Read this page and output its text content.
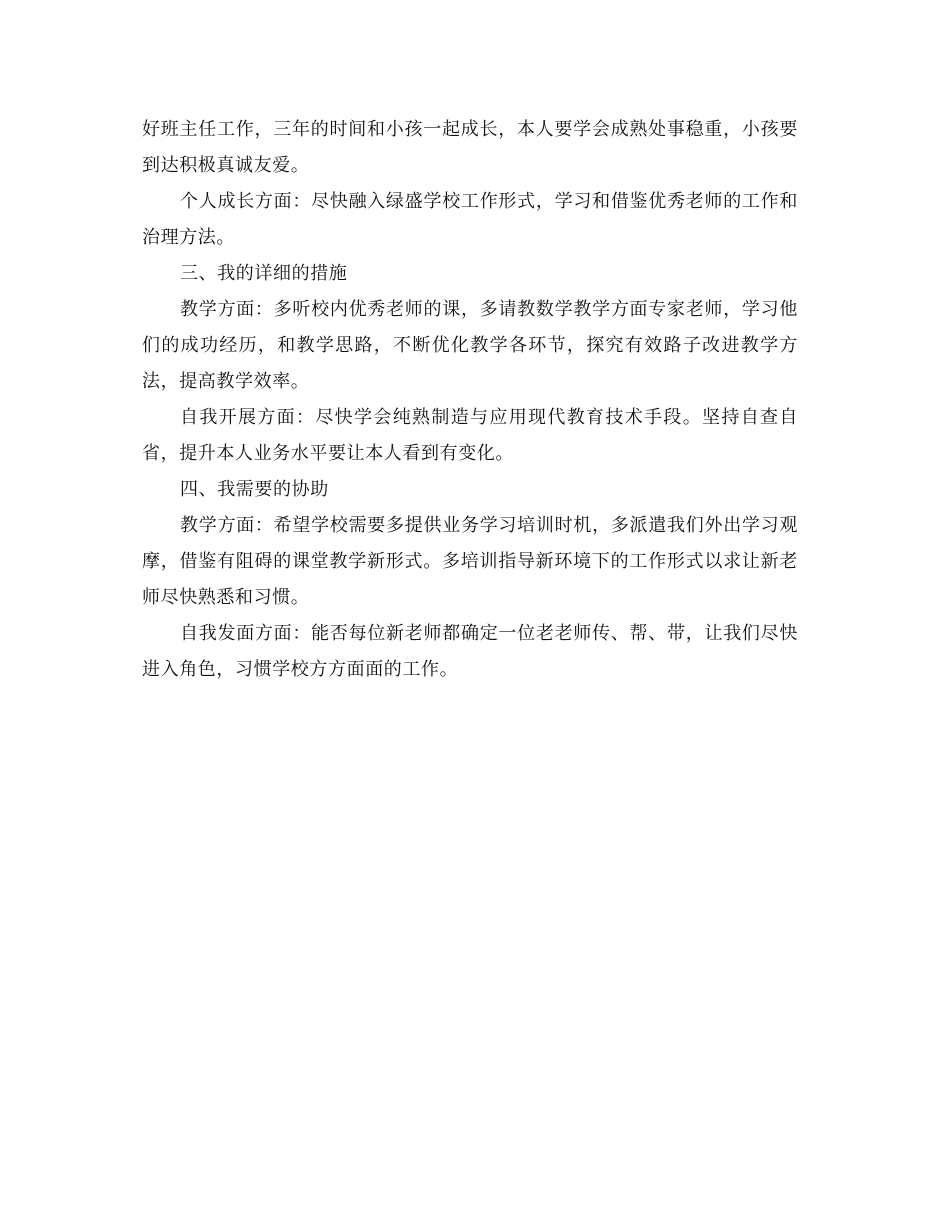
好班主任工作，三年的时间和小孩一起成长，本人要学会成熟处事稳重，小孩要到达积极真诚友爱。

个人成长方面：尽快融入绿盛学校工作形式，学习和借鉴优秀老师的工作和治理方法。

三、我的详细的措施

教学方面：多听校内优秀老师的课，多请教数学教学方面专家老师，学习他们的成功经历，和教学思路，不断优化教学各环节，探究有效路子改进教学方法，提高教学效率。

自我开展方面：尽快学会纯熟制造与应用现代教育技术手段。坚持自查自省，提升本人业务水平要让本人看到有变化。

四、我需要的协助

教学方面：希望学校需要多提供业务学习培训时机，多派遣我们外出学习观摩，借鉴有阻碍的课堂教学新形式。多培训指导新环境下的工作形式以求让新老师尽快熟悉和习惯。

自我发面方面：能否每位新老师都确定一位老老师传、帮、带，让我们尽快进入角色，习惯学校方方面面的工作。
